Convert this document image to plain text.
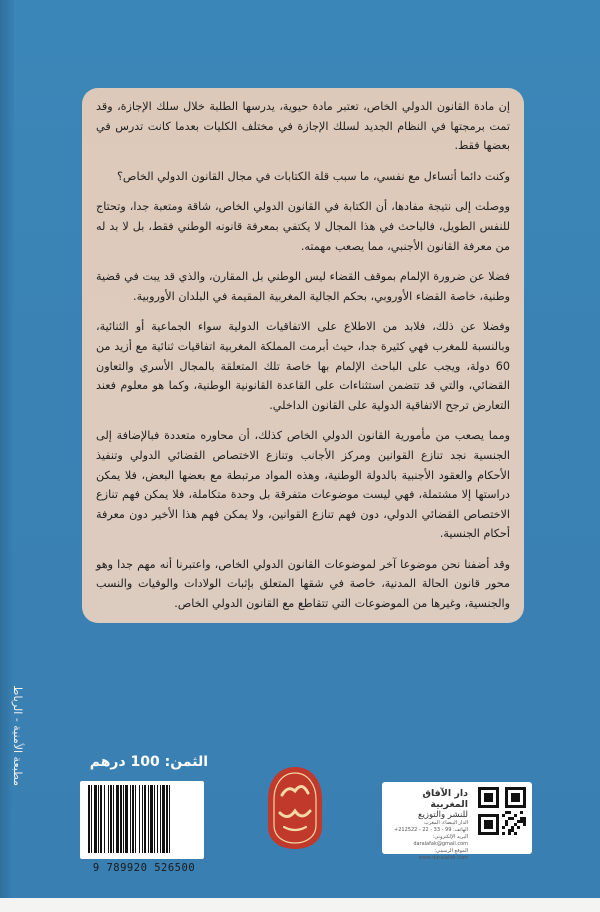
إن مادة القانون الدولي الخاص، تعتبر مادة حيوية، يدرسها الطلبة خلال سلك الإجازة، وقد تمت برمجتها في النظام الجديد لسلك الإجازة في مختلف الكليات بعدما كانت تدرس في بعضها فقط.

وكنت دائما أتساءل مع نفسي، ما سبب قلة الكتابات في مجال القانون الدولي الخاص؟

ووصلت إلى نتيجة مفادها، أن الكتابة في القانون الدولي الخاص، شاقة ومتعبة جدا، وتحتاج للنفس الطويل، فالباحث في هذا المجال لا يكتفي بمعرفة قانونه الوطني فقط، بل لا بد له من معرفة القانون الأجنبي، مما يصعب مهمته.

فضلا عن ضرورة الإلمام بموقف القضاء ليس الوطني بل المقارن، والذي قد يبت في قضية وطنية، خاصة القضاء الأوروبي، بحكم الجالية المغربية المقيمة في البلدان الأوروبية.

وفضلا عن ذلك، فلابد من الاطلاع على الاتفاقيات الدولية سواء الجماعية أو الثنائية، وبالنسبة للمغرب فهي كثيرة جدا، حيث أبرمت المملكة المغربية اتفاقيات ثنائية مع أزيد من 60 دولة، ويجب على الباحث الإلمام بها خاصة تلك المتعلقة بالمجال الأسري والتعاون القضائي، والتي قد تتضمن استثناءات على القاعدة القانونية الوطنية، وكما هو معلوم فعند التعارض ترجح الاتفاقية الدولية على القانون الداخلي.

ومما يصعب من مأمورية القانون الدولي الخاص كذلك، أن محاوره متعددة فبالإضافة إلى الجنسية نجد تنازع القوانين ومركز الأجانب وتنازع الاختصاص القضائي الدولي وتنفيذ الأحكام والعقود الأجنبية بالدولة الوطنية، وهذه المواد مرتبطة مع بعضها البعض، فلا يمكن دراستها إلا مشتملة، فهي ليست موضوعات متفرقة بل وحدة متكاملة، فلا يمكن فهم تنازع الاختصاص القضائي الدولي، دون فهم تنازع القوانين، ولا يمكن فهم هذا الأخير دون معرفة أحكام الجنسية.

وقد أضفنا نحن موضوعا آخر لموضوعات القانون الدولي الخاص، واعتبرنا أنه مهم جدا وهو محور قانون الحالة المدنية، خاصة في شقها المتعلق بإثبات الولادات والوفيات والنسب والجنسية، وغيرها من الموضوعات التي تتقاطع مع القانون الدولي الخاص.

مطبعة الأمنية - الرباط	الثمن: 100 درهم
9 789920 526500
دار الآفاق المغربية
للنشر والتوزيع
الدار البيضاء، المغرب
الهاتف: 99 - 33 - 22 - 212522+
البريد الإلكتروني: daralafak@gmail.com
الموقع الرسمي: www.daralafak.com
